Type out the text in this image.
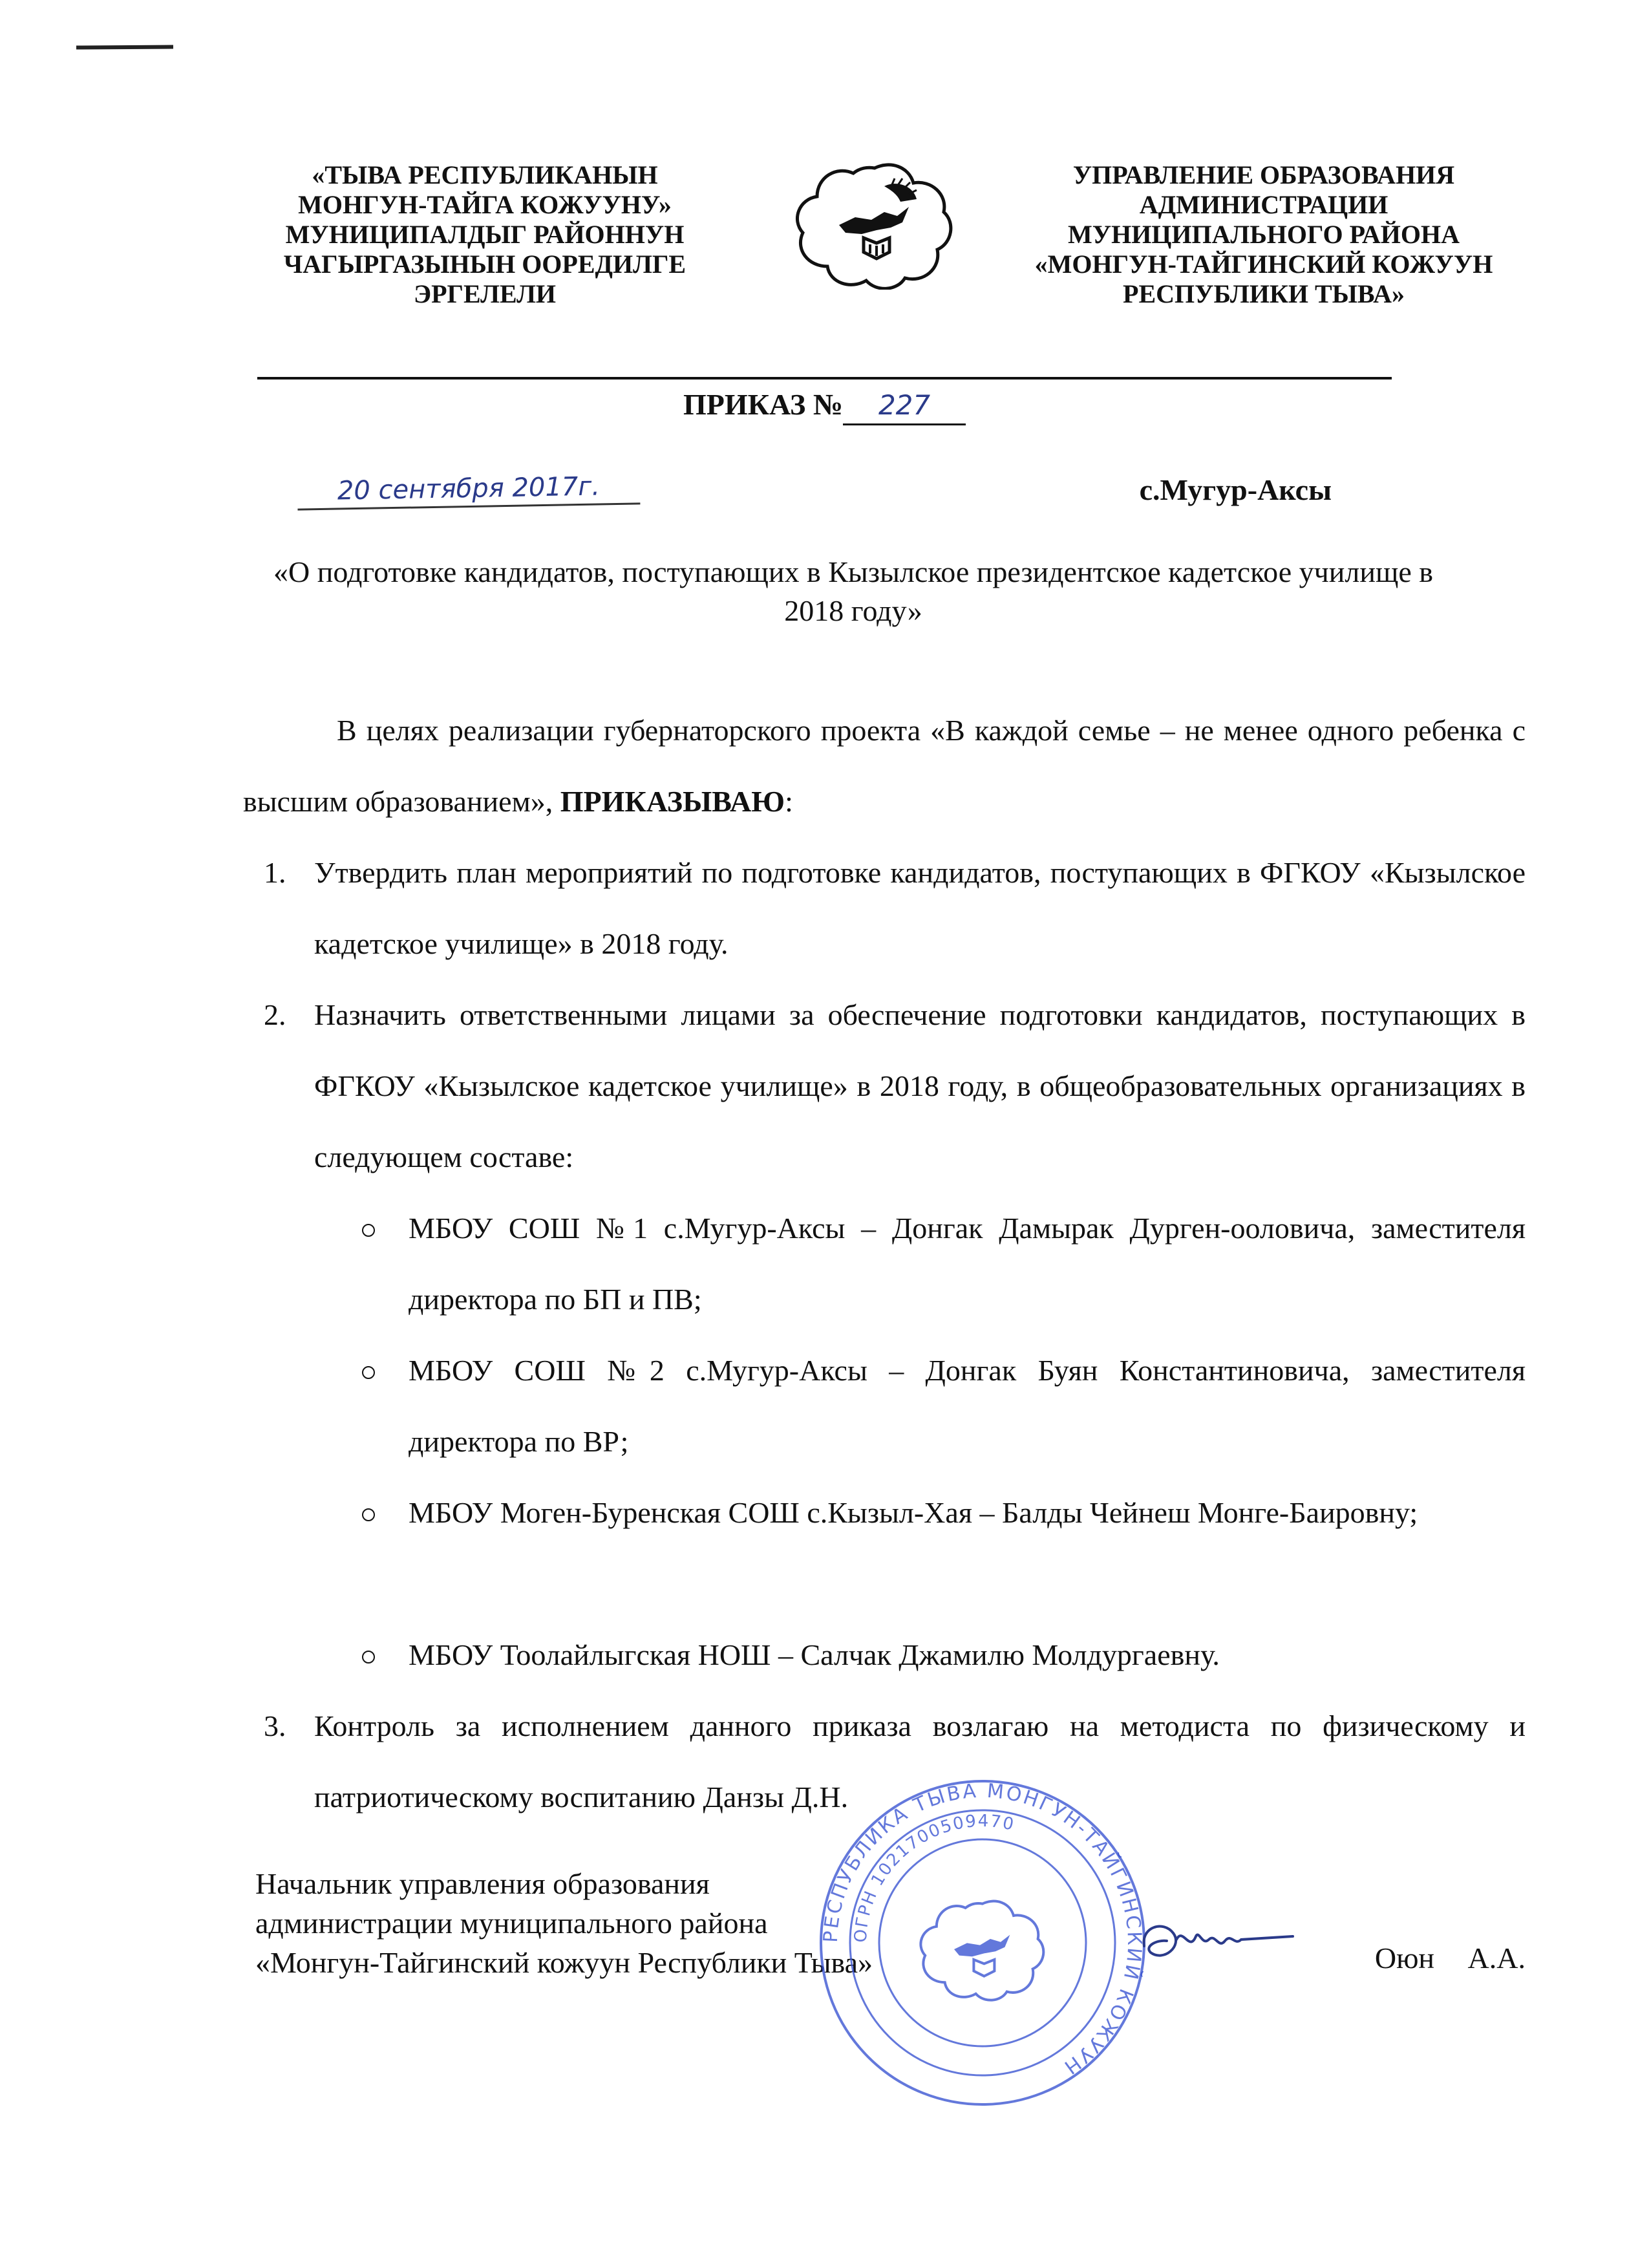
«ТЫВА РЕСПУБЛИКАНЫН
МОНГУН-ТАЙГА КОЖУУНУ»
МУНИЦИПАЛДЫГ РАЙОННУН
ЧАГЫРГАЗЫНЫН ООРЕДИЛГЕ
ЭРГЕЛЕЛИ
УПРАВЛЕНИЕ ОБРАЗОВАНИЯ
АДМИНИСТРАЦИИ
МУНИЦИПАЛЬНОГО РАЙОНА
«МОНГУН-ТАЙГИНСКИЙ КОЖУУН
РЕСПУБЛИКИ ТЫВА»
ПРИКАЗ № 227
20 сентября 2017г.	с.Мугур-Аксы
«О подготовке кандидатов, поступающих в Кызылское президентское кадетское училище в 2018 году»
В целях реализации губернаторского проекта «В каждой семье – не менее одного ребенка с высшим образованием», ПРИКАЗЫВАЮ:
1. Утвердить план мероприятий по подготовке кандидатов, поступающих в ФГКОУ «Кызылское кадетское училище» в 2018 году.
2. Назначить ответственными лицами за обеспечение подготовки кандидатов, поступающих в ФГКОУ «Кызылское кадетское училище» в 2018 году, в общеобразовательных организациях в следующем составе:
МБОУ СОШ №1 с.Мугур-Аксы – Донгак Дамырак Дурген-ооловича, заместителя директора по БП и ПВ;
МБОУ СОШ №2 с.Мугур-Аксы – Донгак Буян Константиновича, заместителя директора по ВР;
МБОУ Моген-Буренская СОШ с.Кызыл-Хая – Балды Чейнеш Монге-Баировну;
МБОУ Тоолайлыгская НОШ – Салчак Джамилю Молдургаевну.
3. Контроль за исполнением данного приказа возлагаю на методиста по физическому и патриотическому воспитанию Данзы Д.Н.
Начальник управления образования
администрации муниципального района
«Монгун-Тайгинский кожуун Республики Тыва»
РЕСПУБЛИКА ТЫВА МОНГУН-ТАЙГИНСКИЙ КОЖУУН
ОГРН 1021700509470
Оюн А.А.
